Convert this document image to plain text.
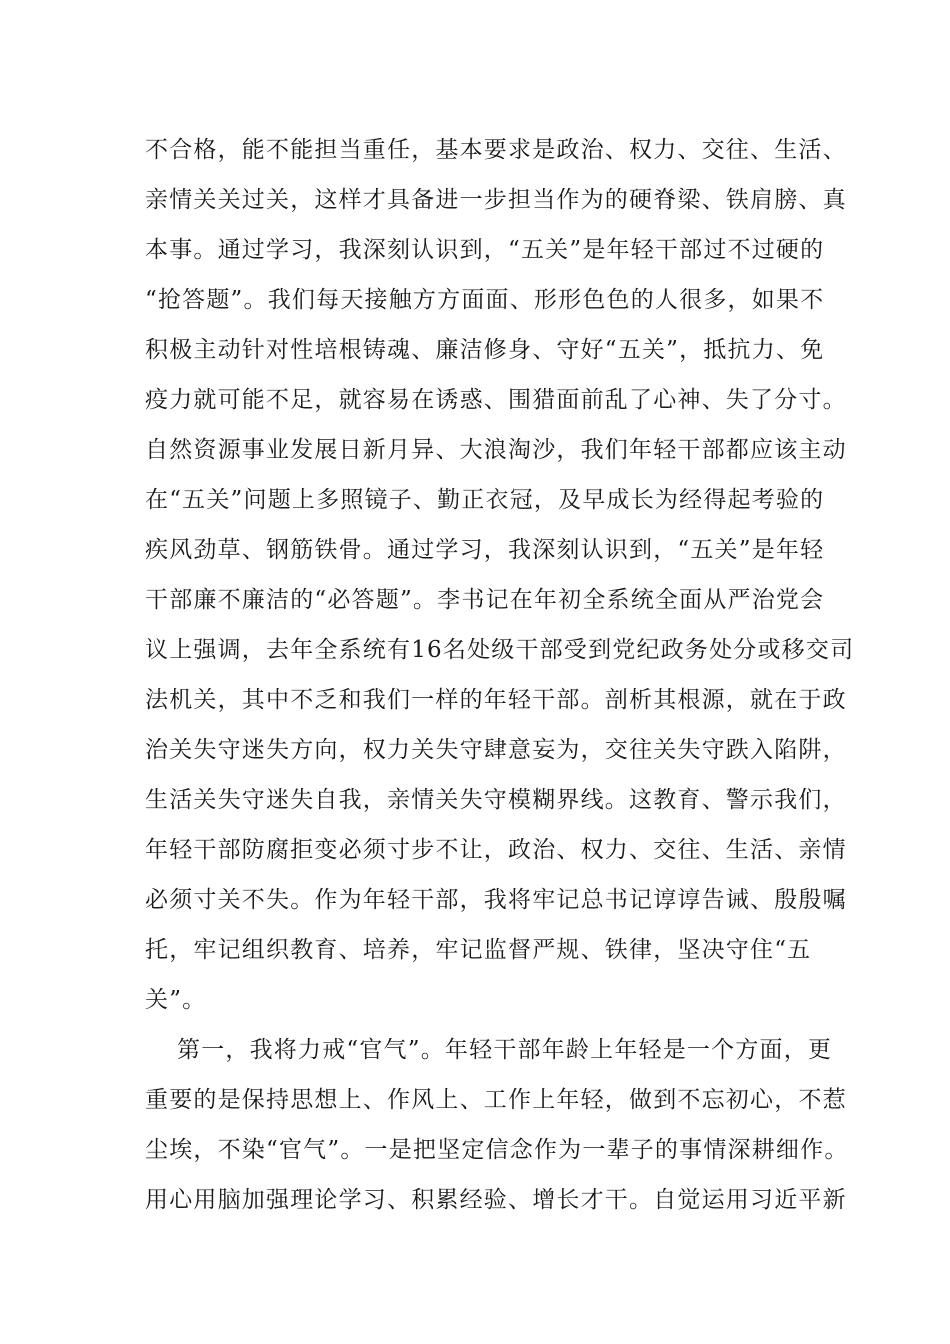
不合格，能不能担当重任，基本要求是政治、权力、交往、生活、
亲情关关过关，这样才具备进一步担当作为的硬脊梁、铁肩膀、真
本事。通过学习，我深刻认识到，“五关”是年轻干部过不过硬的
“抢答题”。我们每天接触方方面面、形形色色的人很多，如果不
积极主动针对性培根铸魂、廉洁修身、守好“五关”，抵抗力、免
疫力就可能不足，就容易在诱惑、围猎面前乱了心神、失了分寸。
自然资源事业发展日新月异、大浪淘沙，我们年轻干部都应该主动
在“五关”问题上多照镜子、勤正衣冠，及早成长为经得起考验的
疾风劲草、钢筋铁骨。通过学习，我深刻认识到，“五关”是年轻
干部廉不廉洁的“必答题”。李书记在年初全系统全面从严治党会
议上强调，去年全系统有16名处级干部受到党纪政务处分或移交司
法机关，其中不乏和我们一样的年轻干部。剖析其根源，就在于政
治关失守迷失方向，权力关失守肆意妄为，交往关失守跌入陷阱，
生活关失守迷失自我，亲情关失守模糊界线。这教育、警示我们，
年轻干部防腐拒变必须寸步不让，政治、权力、交往、生活、亲情
必须寸关不失。作为年轻干部，我将牢记总书记谆谆告诫、殷殷嘱
托，牢记组织教育、培养，牢记监督严规、铁律，坚决守住“五
关”。
第一，我将力戒“官气”。年轻干部年龄上年轻是一个方面，更
重要的是保持思想上、作风上、工作上年轻，做到不忘初心，不惹
尘埃，不染“官气”。一是把坚定信念作为一辈子的事情深耕细作。
用心用脑加强理论学习、积累经验、增长才干。自觉运用习近平新
